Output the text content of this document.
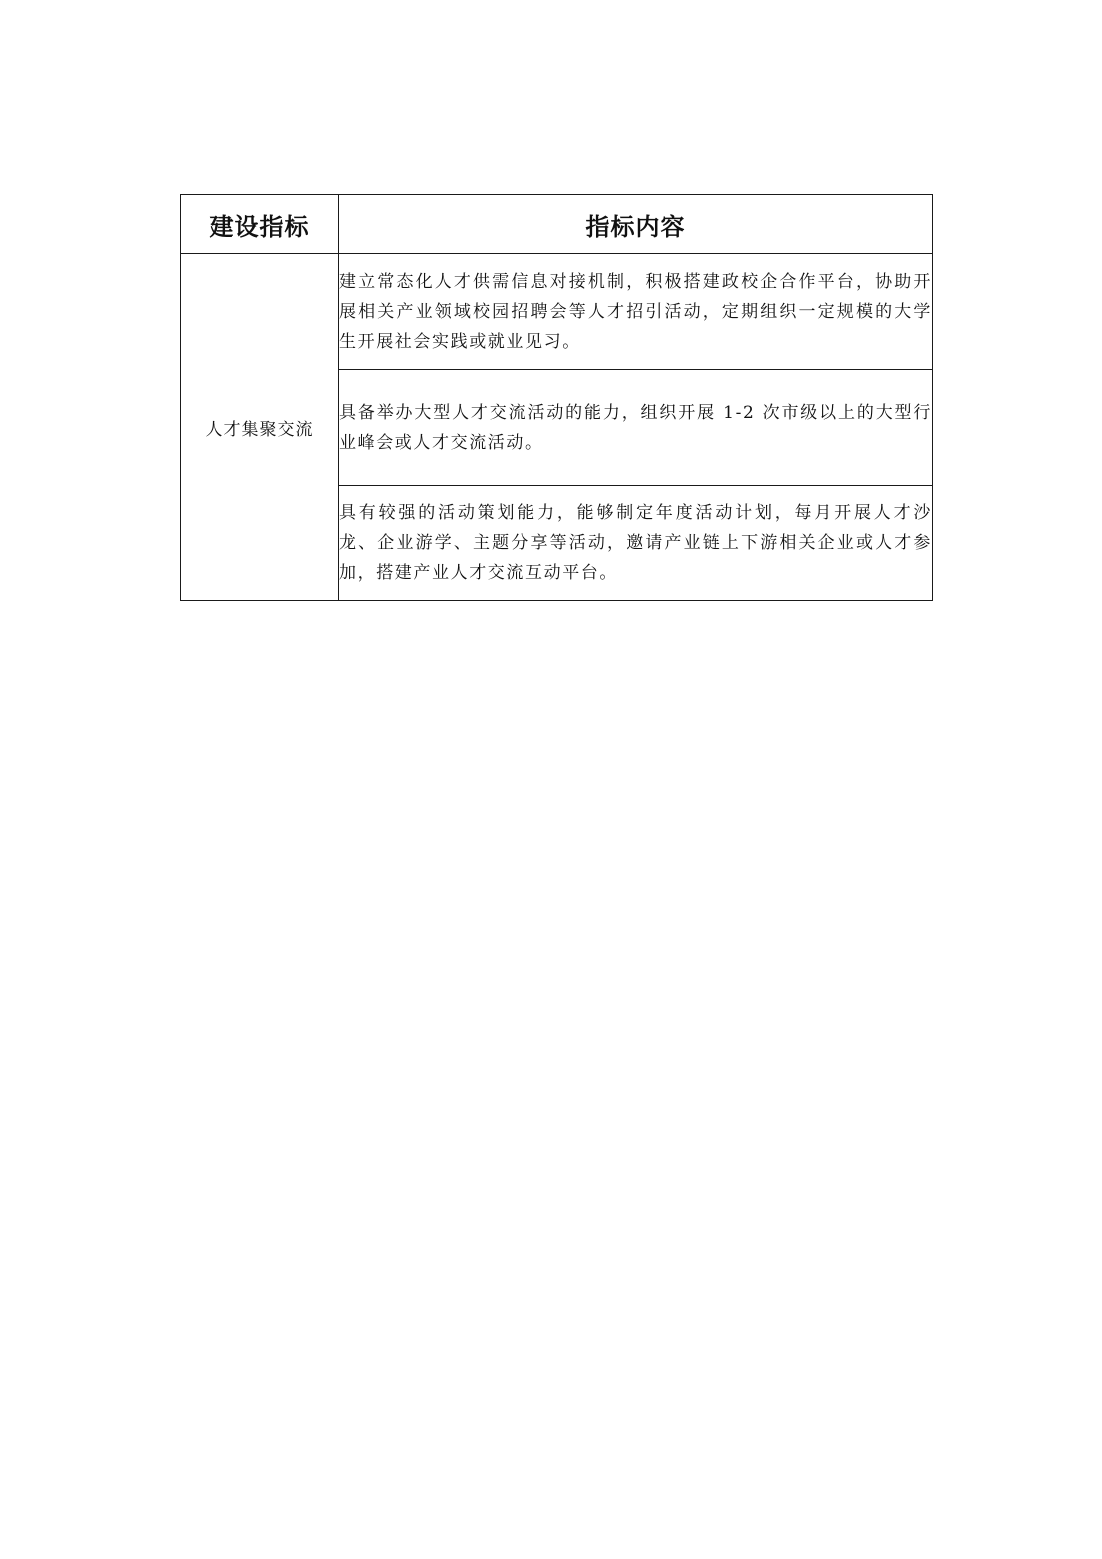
建设指标	指标内容
人才集聚交流	建立常态化人才供需信息对接机制，积极搭建政校企合作平台，协助开展相关产业领域校园招聘会等人才招引活动，定期组织一定规模的大学生开展社会实践或就业见习。
	具备举办大型人才交流活动的能力，组织开展 1-2 次市级以上的大型行业峰会或人才交流活动。
	具有较强的活动策划能力，能够制定年度活动计划，每月开展人才沙龙、企业游学、主题分享等活动，邀请产业链上下游相关企业或人才参加，搭建产业人才交流互动平台。
